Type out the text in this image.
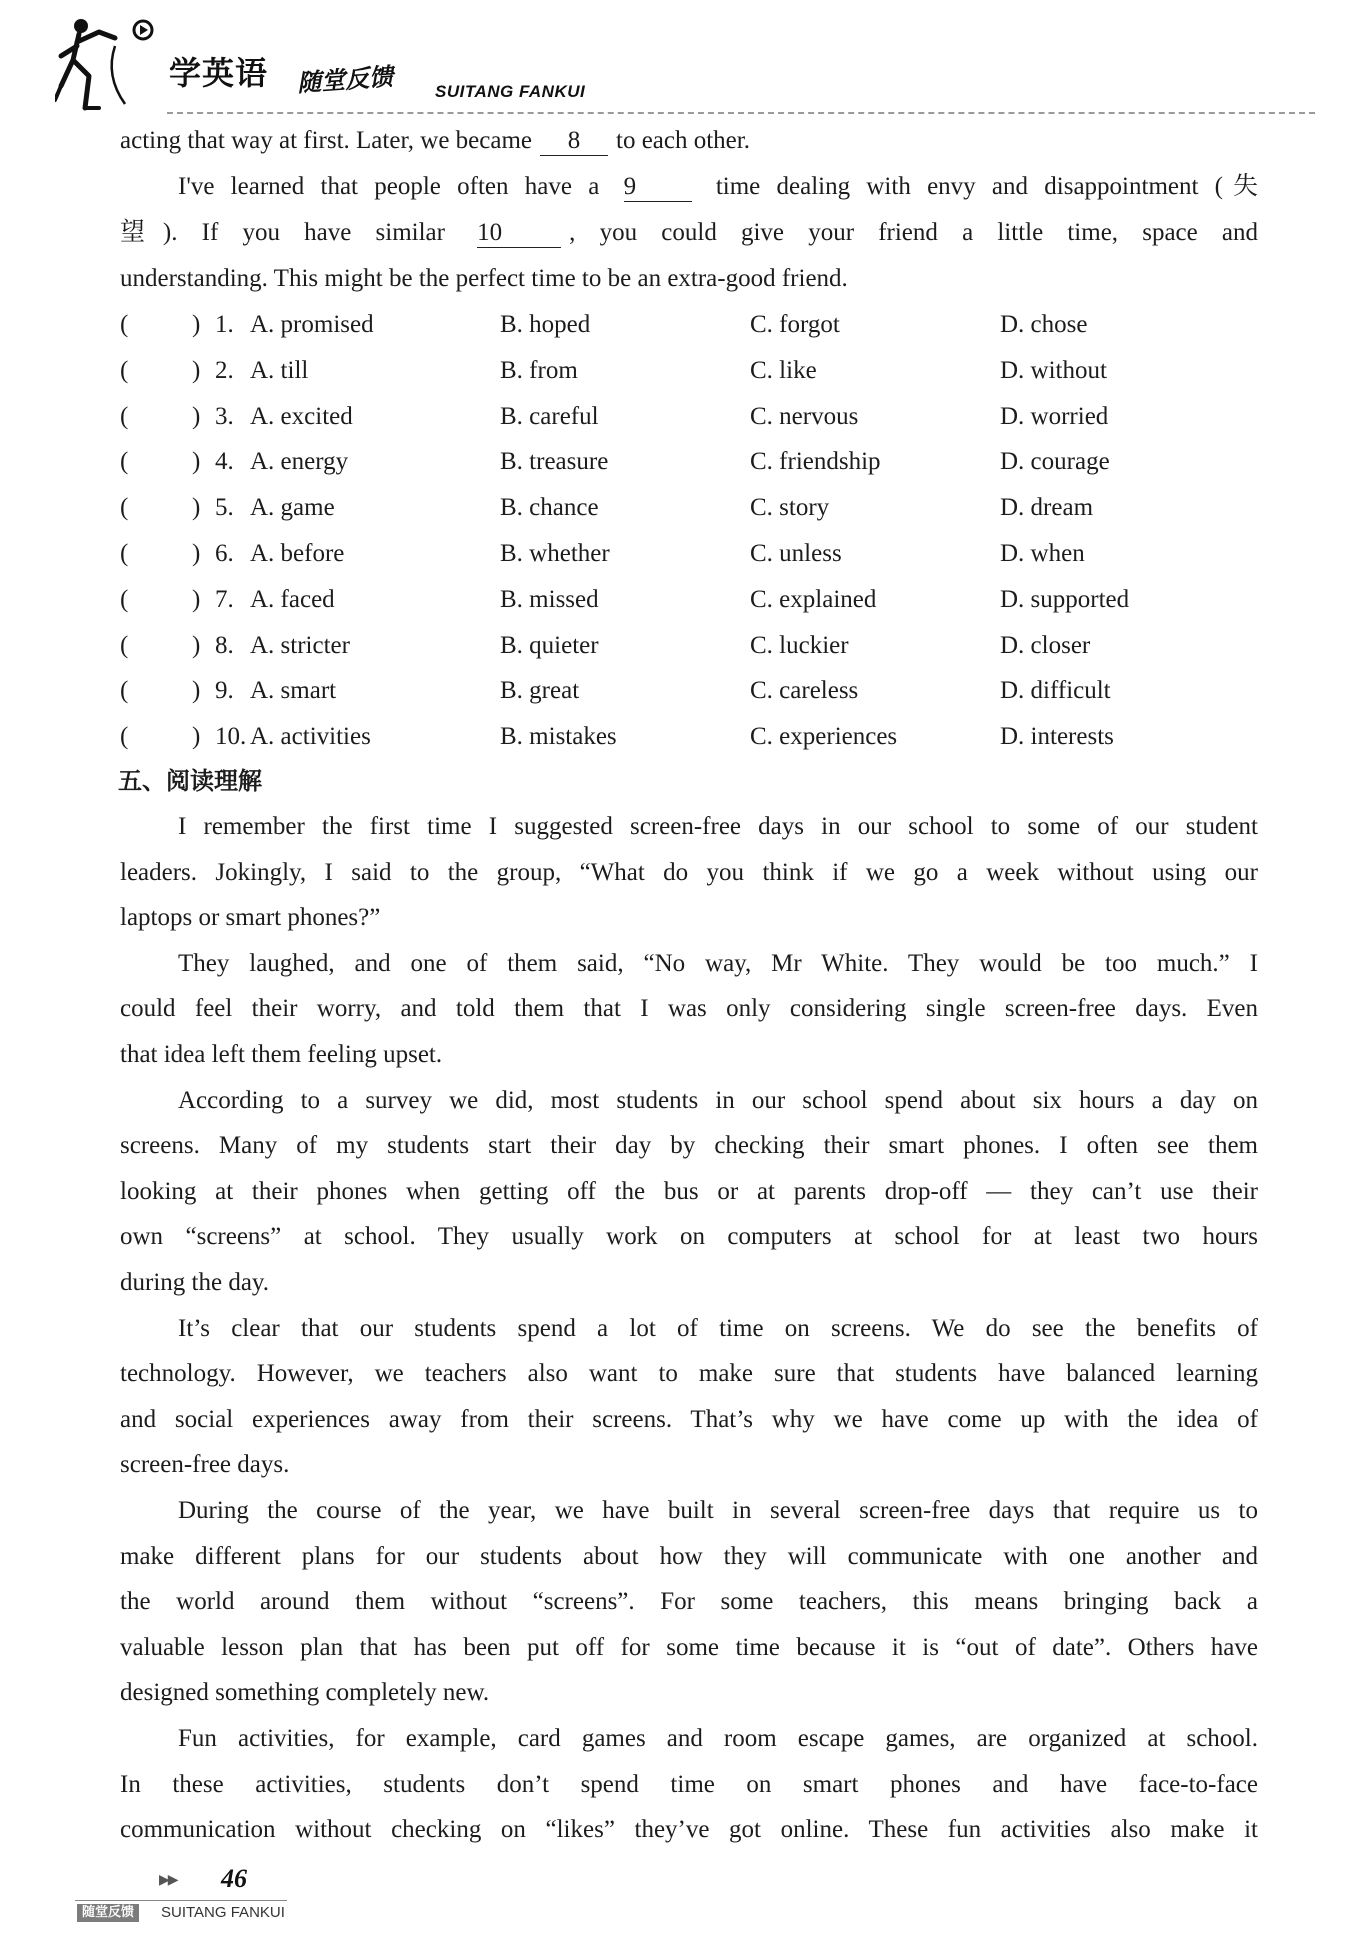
学英语 随堂反馈 SUITANG FANKUI
acting that way at first. Later, we became 8 to each other.
I've learned that people often have a 9	time dealing with envy and disappointment (失
望). If you have similar 10	, you could give your friend a little time, space and
understanding. This might be the perfect time to be an extra-good friend.
(	) 1. A. promised	B. hoped	C. forgot	D. chose
(	) 2. A. till	B. from	C. like	D. without
(	) 3. A. excited	B. careful	C. nervous	D. worried
(	) 4. A. energy	B. treasure	C. friendship	D. courage
(	) 5. A. game	B. chance	C. story	D. dream
(	) 6. A. before	B. whether	C. unless	D. when
(	) 7. A. faced	B. missed	C. explained	D. supported
(	) 8. A. stricter	B. quieter	C. luckier	D. closer
(	) 9. A. smart	B. great	C. careless	D. difficult
(	) 10. A. activities	B. mistakes	C. experiences	D. interests
五、阅读理解
I remember the first time I suggested screen-free days in our school to some of our student
leaders. Jokingly, I said to the group, “What do you think if we go a week without using our
laptops or smart phones?”
They laughed, and one of them said, “No way, Mr White. They would be too much.” I
could feel their worry, and told them that I was only considering single screen-free days. Even
that idea left them feeling upset.
According to a survey we did, most students in our school spend about six hours a day on
screens. Many of my students start their day by checking their smart phones. I often see them
looking at their phones when getting off the bus or at parents drop-off — they can’t use their
own “screens” at school. They usually work on computers at school for at least two hours
during the day.
It’s clear that our students spend a lot of time on screens. We do see the benefits of
technology. However, we teachers also want to make sure that students have balanced learning
and social experiences away from their screens. That’s why we have come up with the idea of
screen-free days.
During the course of the year, we have built in several screen-free days that require us to
make different plans for our students about how they will communicate with one another and
the world around them without “screens”. For some teachers, this means bringing back a
valuable lesson plan that has been put off for some time because it is “out of date”. Others have
designed something completely new.
Fun activities, for example, card games and room escape games, are organized at school.
In these activities, students don’t spend time on smart phones and have face-to-face
communication without checking on “likes” they’ve got online. These fun activities also make it
▶▶ 46
随堂反馈	SUITANG FANKUI
